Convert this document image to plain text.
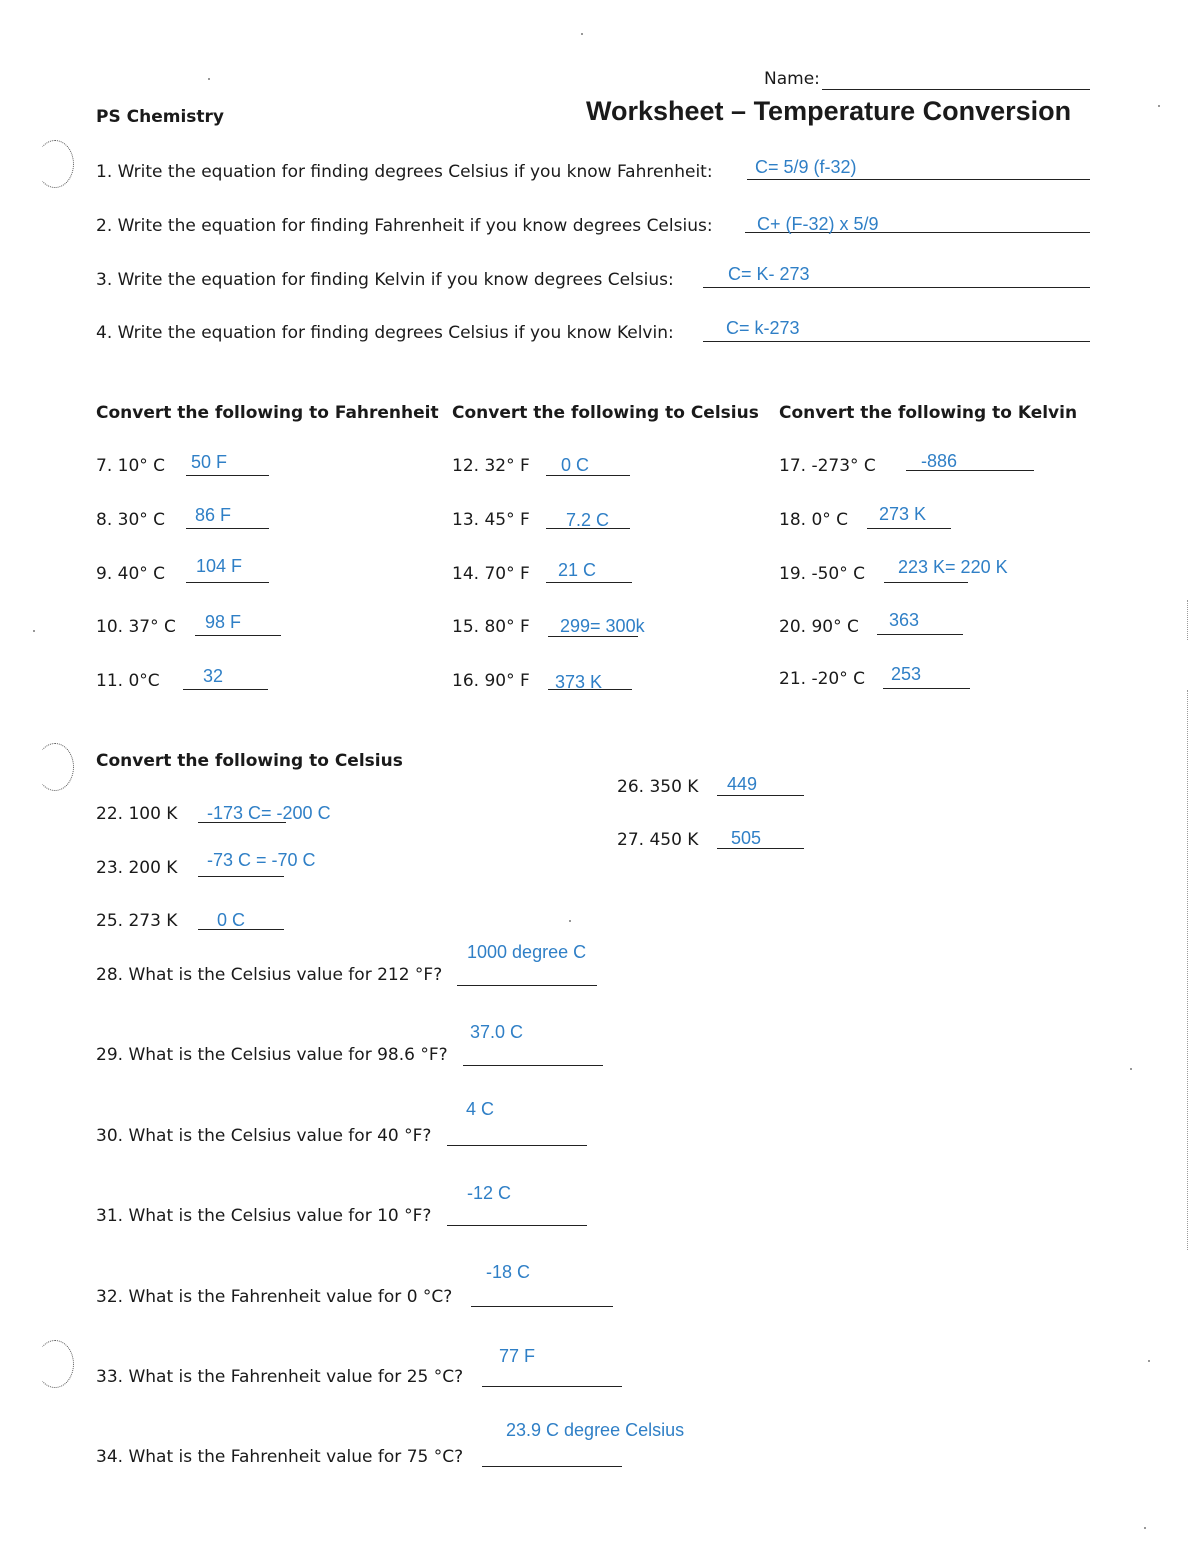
Name:
PS Chemistry	Worksheet – Temperature Conversion
1. Write the equation for finding degrees Celsius if you know Fahrenheit: C= 5/9 (f-32)
2. Write the equation for finding Fahrenheit if you know degrees Celsius: C+ (F-32) x 5/9
3. Write the equation for finding Kelvin if you know degrees Celsius:	C= K- 273
4. Write the equation for finding degrees Celsius if you know Kelvin:	C= k-273
Convert the following to Fahrenheit Convert the following to Celsius Convert the following to Kelvin
7. 10° C 50 F
8. 30° C 86 F
9. 40° C 104 F
10. 37° C 98 F
11. 0°C 32
12. 32° F 0 C
13. 45° F 7.2 C
14. 70° F 21 C
15. 80° F 299= 300k
16. 90° F 373 K
17. -273° C	-886
18. 0° C 273 K
19. -50° C 223 K= 220 K
20. 90° C 363
21. -20° C 253
Convert the following to Celsius
22. 100 K -173 C= -200 C
23. 200 K -73 C = -70 C
25. 273 K 0 C
26. 350 K 449
27. 450 K 505
28. What is the Celsius value for 212 °F?
1000 degree C
29. What is the Celsius value for 98.6 °F?
37.0 C
30. What is the Celsius value for 40 °F?
4 C
31. What is the Celsius value for 10 °F?
-12 C
32. What is the Fahrenheit value for 0 °C?
-18 C
33. What is the Fahrenheit value for 25 °C?
77 F
34. What is the Fahrenheit value for 75 °C?
23.9 C degree Celsius
